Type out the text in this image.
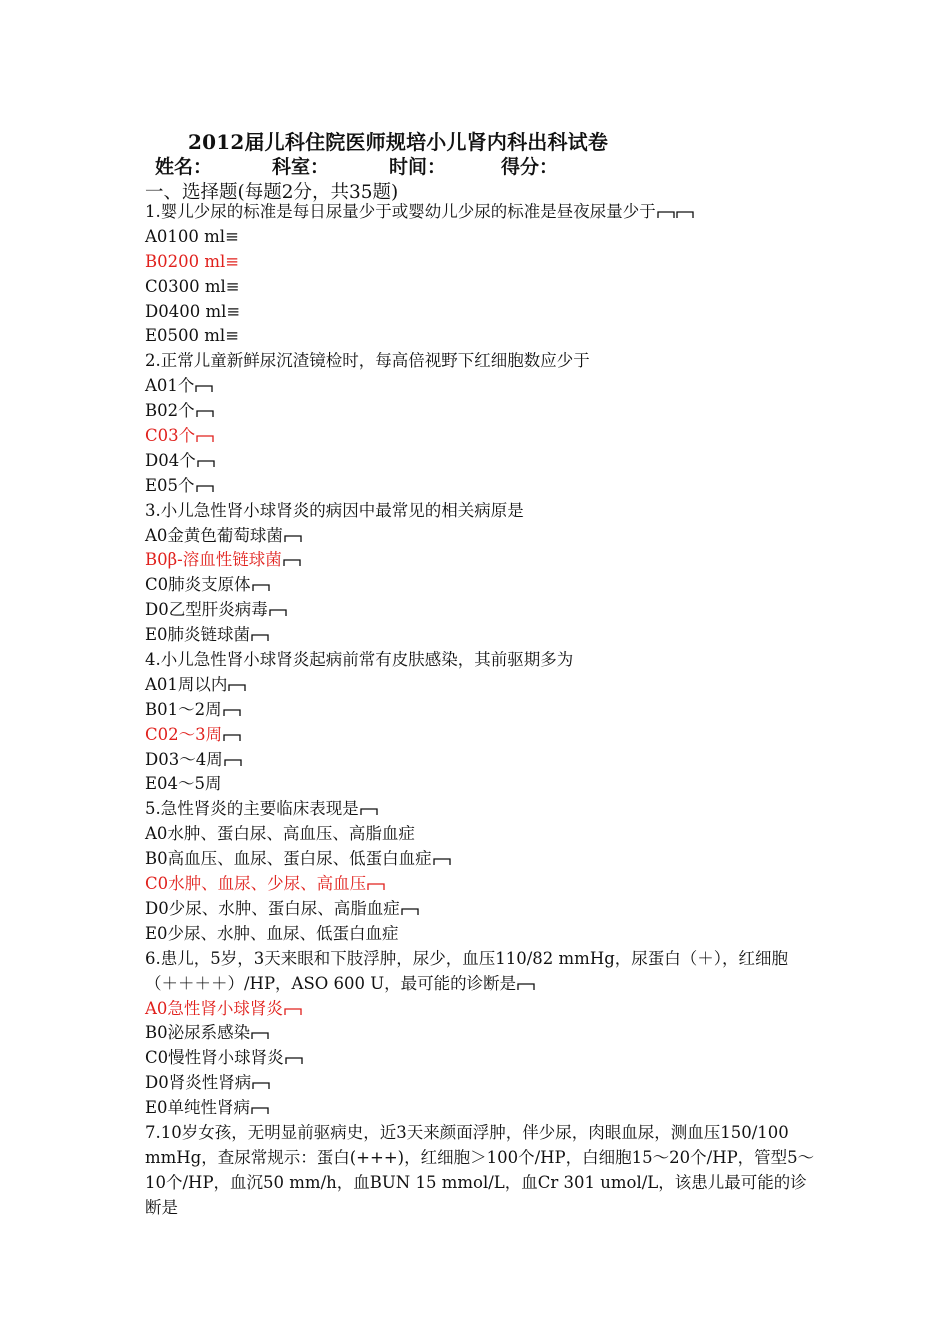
2012届儿科住院医师规培小儿肾内科出科试卷
姓名：	科室：	时间：	得分：
一、选择题(每题2分，共35题)
1.婴儿少尿的标准是每日尿量少于或婴幼儿少尿的标准是昼夜尿量少于
A0100 ml≡
B0200 ml≡
C0300 ml≡
D0400 ml≡
E0500 ml≡
2.正常儿童新鲜尿沉渣镜检时，每高倍视野下红细胞数应少于
A01个
B02个
C03个
D04个
E05个
3.小儿急性肾小球肾炎的病因中最常见的相关病原是
A0金黄色葡萄球菌
B0β-溶血性链球菌
C0肺炎支原体
D0乙型肝炎病毒
E0肺炎链球菌
4.小儿急性肾小球肾炎起病前常有皮肤感染，其前驱期多为
A01周以内
B01～2周
C02～3周
D03～4周
E04～5周
5.急性肾炎的主要临床表现是
A0水肿、蛋白尿、高血压、高脂血症
B0高血压、血尿、蛋白尿、低蛋白血症
C0水肿、血尿、少尿、高血压
D0少尿、水肿、蛋白尿、高脂血症
E0少尿、水肿、血尿、低蛋白血症
6.患儿，5岁，3天来眼和下肢浮肿，尿少，血压110/82 mmHg，尿蛋白（＋），红细胞（＋＋＋＋）/HP，ASO 600 U，最可能的诊断是
A0急性肾小球肾炎
B0泌尿系感染
C0慢性肾小球肾炎
D0肾炎性肾病
E0单纯性肾病
7.10岁女孩，无明显前驱病史，近3天来颜面浮肿，伴少尿，肉眼血尿，测血压150/100 mmHg，查尿常规示：蛋白(+++)，红细胞＞100个/HP，白细胞15～20个/HP，管型5～10个/HP，血沉50 mm/h，血BUN 15 mmol/L，血Cr 301 umol/L，该患儿最可能的诊断是
